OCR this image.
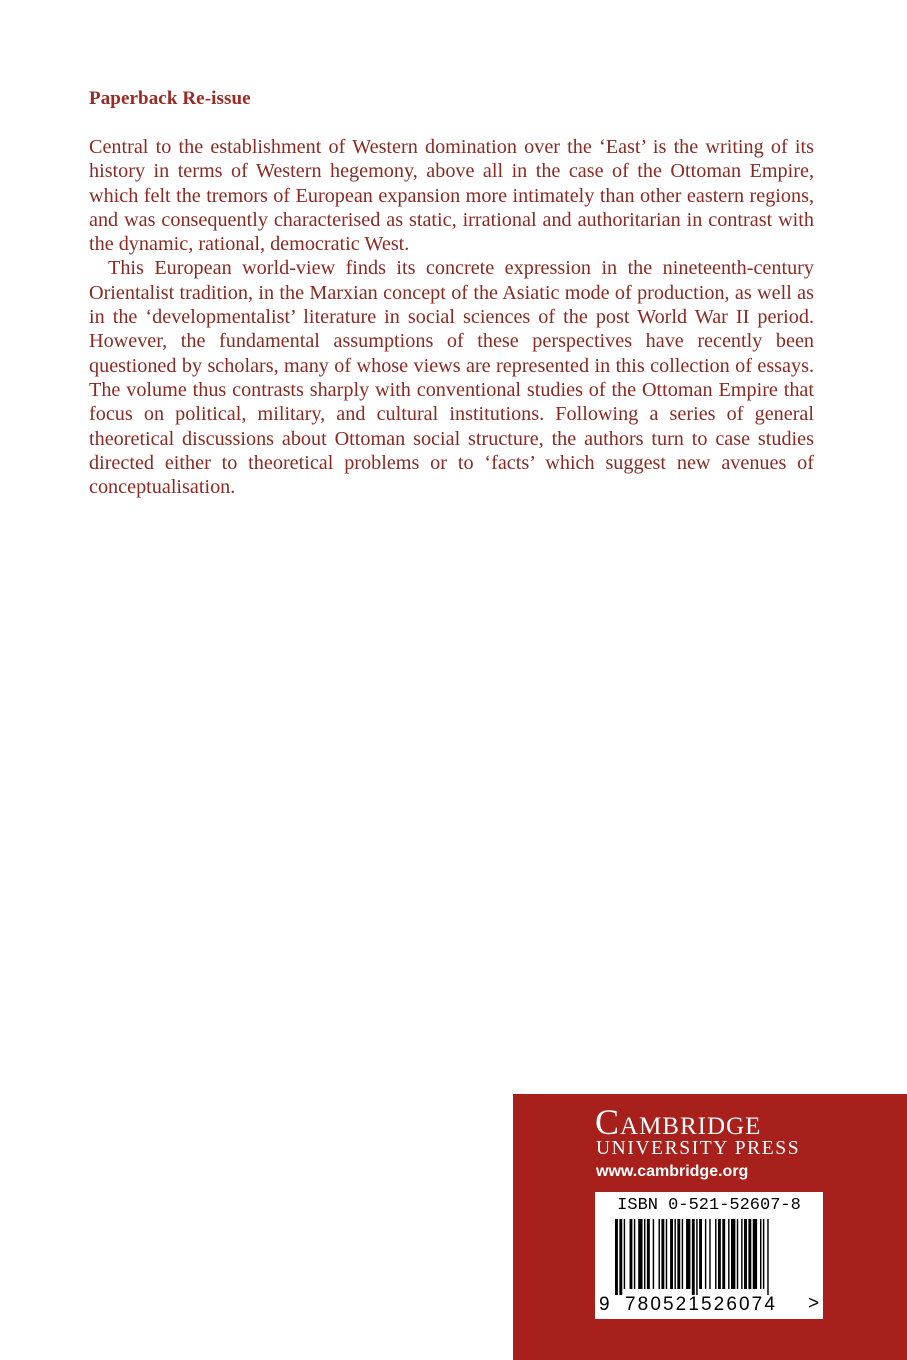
Paperback Re-issue

Central to the establishment of Western domination over the ‘East’ is the writing of its history in terms of Western hegemony, above all in the case of the Ottoman Empire, which felt the tremors of European expansion more intimately than other eastern regions, and was consequently characterised as static, irrational and authoritarian in contrast with the dynamic, rational, democratic West.

This European world-view finds its concrete expression in the nineteenth-century Orientalist tradition, in the Marxian concept of the Asiatic mode of production, as well as in the ‘developmentalist’ literature in social sciences of the post World War II period. However, the fundamental assumptions of these perspectives have recently been questioned by scholars, many of whose views are represented in this collection of essays. The volume thus contrasts sharply with conventional studies of the Ottoman Empire that focus on political, military, and cultural institutions. Following a series of general theoretical discussions about Ottoman social structure, the authors turn to case studies directed either to theoretical problems or to ‘facts’ which suggest new avenues of conceptualisation.

Cambridge
UNIVERSITY PRESS
www.cambridge.org
ISBN 0-521-52607-8
9 780521526074 >
